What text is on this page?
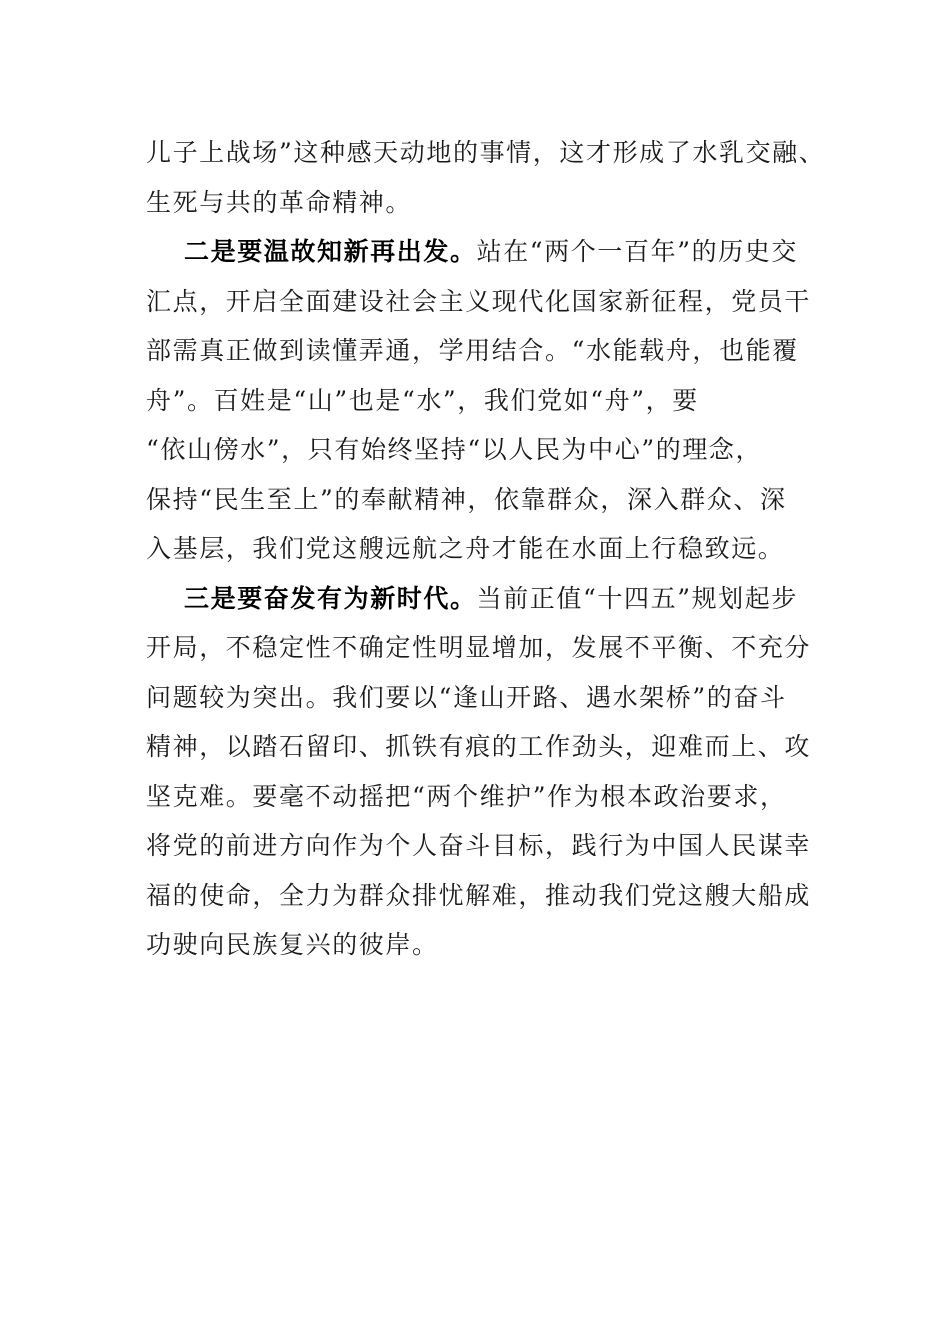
儿子上战场”这种感天动地的事情，这才形成了水乳交融、
生死与共的革命精神。
二是要温故知新再出发。站在“两个一百年”的历史交
汇点，开启全面建设社会主义现代化国家新征程，党员干
部需真正做到读懂弄通，学用结合。“水能载舟，也能覆
舟”。百姓是“山”也是“水”，我们党如“舟”，要
“依山傍水”，只有始终坚持“以人民为中心”的理念，
保持“民生至上”的奉献精神，依靠群众，深入群众、深
入基层，我们党这艘远航之舟才能在水面上行稳致远。
三是要奋发有为新时代。当前正值“十四五”规划起步
开局，不稳定性不确定性明显增加，发展不平衡、不充分
问题较为突出。我们要以“逢山开路、遇水架桥”的奋斗
精神，以踏石留印、抓铁有痕的工作劲头，迎难而上、攻
坚克难。要毫不动摇把“两个维护”作为根本政治要求，
将党的前进方向作为个人奋斗目标，践行为中国人民谋幸
福的使命，全力为群众排忧解难，推动我们党这艘大船成
功驶向民族复兴的彼岸。
